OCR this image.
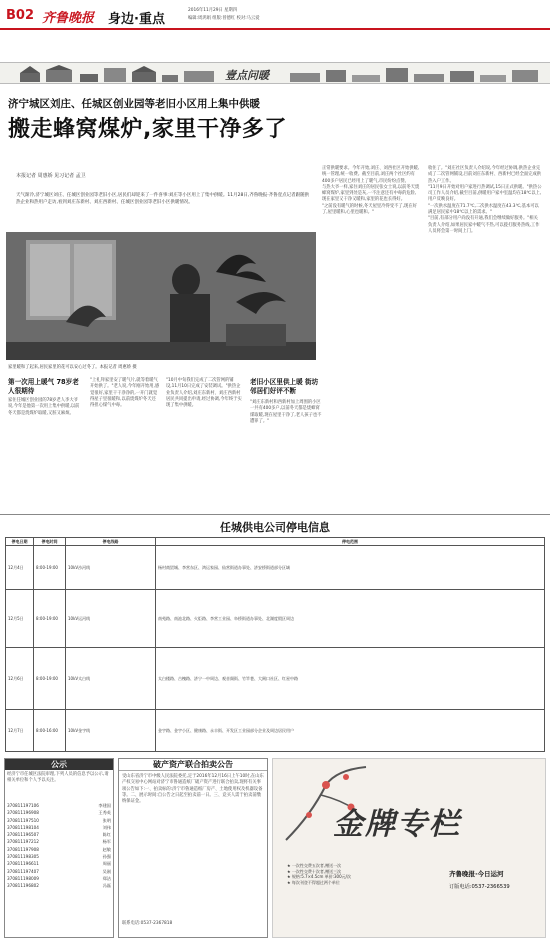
B02 齐鲁晚报 身边·重点
2016年11月29日 星期四
编辑:周鸿娟 组版:曾德红 校对:马云爱
壹点问暖
济宁城区刘庄、任城区创业园等老旧小区用上集中供暖
搬走蜂窝煤炉,家里干净多了
本报记者 周惠娇 见习记者 孟卫
天气渐冷,济宁城区刘庄、任城区创业园等老旧小区,居民们却迎来了一件喜事:刘庄等小区用上了集中供暖。11月28日,齐鲁晚报·齐鲁壹点记者跟随供热企业和热用户走访,看到刘庄东新村、刘庄西新村、任城区创业园等老旧小区供暖情况。
家里暖和了起来,居民家里的花可以安心过冬了。本报记者 周惠娇 摄
第一次用上暖气 78岁老人很期待
家住任城区创业园的78岁老人李大爷说,今年是他第一次用上集中供暖,以前冬天都是烧煤炉取暖,又脏又麻烦。
"上礼拜家里安了暖气片,就等着暖气开始供了。"老人说,今年刚开始用,感觉很好,家里干干净净的,一开门就觉得屋子里很暖和,以前烧煤炉冬天还得担心煤气中毒。
"10月中旬我们完成了二次管网的铺设,11月10日完成了安装调试。"供热企业负责人介绍,刘庄东新村、刘庄西新村居民共同提出申请,经过协调,今年终于实现了集中供暖。
老旧小区里供上暖 街坊邻居们好评不断
"刘庄东新村和西新村加上周围的小区一共有400多户,以前冬天都是烧蜂窝煤取暖,现在屋里干净了,老人孩子也不遭罪了。"
正常供暖要求。今年开始,刘庄、刘西社区开始供暖,统一管理,统一收费。截至目前,刘庄两个社区约有400多户居民已经用上了暖气,市民纷纷点赞。
与热大爷一样,家住刘庄的居民张女士说,以前冬天烧蜂窝煤炉,家里到处是灰,一不注意还有中毒的危险,现在家里又干净又暖和,家里的花也长得好。
"之前没有暖气的时候,冬天屋里冷得受不了,现在好了,屋里暖和,心里也暖和。"
收住了。"刘庄社区负责人介绍说,今年经过协调,供热企业完成了二次管网铺设,目前刘庄东新村、西新村已经全面完成供热入户工作。
"11月9日开始对用户家进行热调试,15日正式供暖。"供热公司工作人员介绍,截至目前,供暖用户家中室温均在18℃以上,用户反映良好。
"一次供水温度在71.7℃,二次供水温度在43.3℃,基本可以满足居民家中18℃以上的需求。"
"目前,有部分用户尚没有开通,我们会继续做好服务。"相关负责人介绍,如果居民家中暖气不热,可以拨打服务热线,工作人员将会第一时间上门。
任城供电公司停电信息
停电日期	停电时间	停电线路	停电范围
12月4日	8:00-19:00	10kV沙河线	杨村商贸城、李营东区、鸿运家园、仙营街道办事处、济安桥街道部分区域
12月5日	8:00-19:00	10kV运河线	南苑路、南池北路、火炬路、李营工业园、阜桥街道办事处、北湖度假区周边
12月6日	8:00-19:00	10kV太白线	太白楼路、古槐路、济宁一中周边、观音阁街、竹竿巷、大闸口社区、红星中路
12月7日	8:00-16:00	10kV金宇线	金宇路、金宇小区、健康路、永丰街、开发区工业园部分企业及周边居民用户
公示
经济宁市任城区法院审理,下列人员的信息予以公示,请相关单位和个人予以关注。
370811197106	李建国
370811196908	王秀英
370811197510	张明
370811198104	刘伟
370811196507	陈红
370811197212	杨军
370811197908	赵敏
370811198305	孙强
370811196611	周丽
370811197407	吴刚
370811198009	郑洁
370811196802	冯磊
破产资产联合拍卖公告
受山东省济宁市中级人民法院委托,定于2016年12月16日上午10时,在山东产权交易中心网站对济宁市鲁通造纸厂破产资产进行联合拍卖,现将有关事项公告如下:一、拍卖标的:济宁市鲁通造纸厂房产、土地使用权及机器设备等。二、展示时间:自公告之日起至拍卖前一日。三、竞买人需于拍卖前缴纳保证金。
联系电话:0537-2367818
金牌专栏
★ 一次性交费五次者,赠送一次
★ 一次性交费十次者,赠送三次
★ 规格:5.7×4.5cm 单价:300元/次
★ 每次刊登不得超过两个单位
齐鲁晚报·今日运河
订版电话:0537-2366539
